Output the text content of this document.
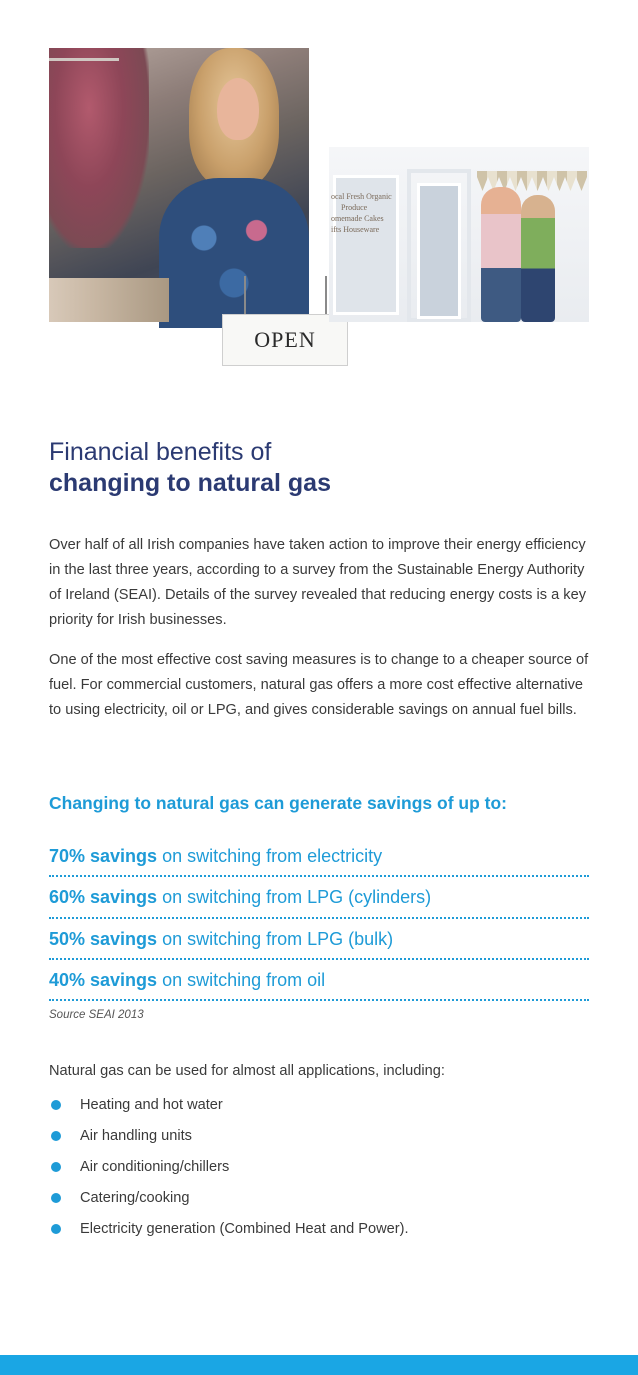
OPEN
ocal Fresh Organic
Produce
omemade Cakes
ifts Houseware
Financial benefits of
changing to natural gas

Over half of all Irish companies have taken action to improve their energy efficiency in the last three years, according to a survey from the Sustainable Energy Authority of Ireland (SEAI). Details of the survey revealed that reducing energy costs is a key priority for Irish businesses.

One of the most effective cost saving measures is to change to a cheaper source of fuel. For commercial customers, natural gas offers a more cost effective alternative to using electricity, oil or LPG, and gives considerable savings on annual fuel bills.

Changing to natural gas can generate savings of up to:
70% savings on switching from electricity
60% savings on switching from LPG (cylinders)
50% savings on switching from LPG (bulk)
40% savings on switching from oil
Source SEAI 2013
Natural gas can be used for almost all applications, including:
Heating and hot water
Air handling units
Air conditioning/chillers
Catering/cooking
Electricity generation (Combined Heat and Power).
